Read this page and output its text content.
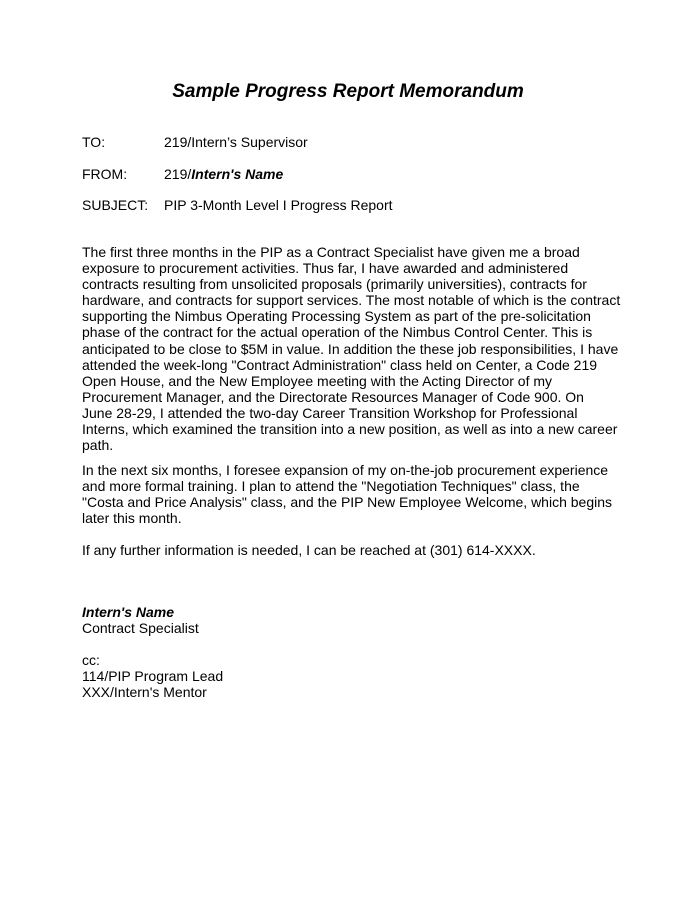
Sample Progress Report Memorandum
TO:	219/Intern’s Supervisor
FROM:	219/Intern's Name
SUBJECT: PIP 3-Month Level I Progress Report
The first three months in the PIP as a Contract Specialist have given me a broad
exposure to procurement activities. Thus far, I have awarded and administered
contracts resulting from unsolicited proposals (primarily universities), contracts for
hardware, and contracts for support services. The most notable of which is the contract
supporting the Nimbus Operating Processing System as part of the pre-solicitation
phase of the contract for the actual operation of the Nimbus Control Center. This is
anticipated to be close to $5M in value. In addition the these job responsibilities, I have
attended the week-long "Contract Administration" class held on Center, a Code 219
Open House, and the New Employee meeting with the Acting Director of my
Procurement Manager, and the Directorate Resources Manager of Code 900. On
June 28-29, I attended the two-day Career Transition Workshop for Professional
Interns, which examined the transition into a new position, as well as into a new career
path.
In the next six months, I foresee expansion of my on-the-job procurement experience
and more formal training. I plan to attend the "Negotiation Techniques" class, the
"Costa and Price Analysis" class, and the PIP New Employee Welcome, which begins
later this month.
If any further information is needed, I can be reached at (301) 614-XXXX.
Intern's Name
Contract Specialist
cc:
114/PIP Program Lead
XXX/Intern's Mentor
